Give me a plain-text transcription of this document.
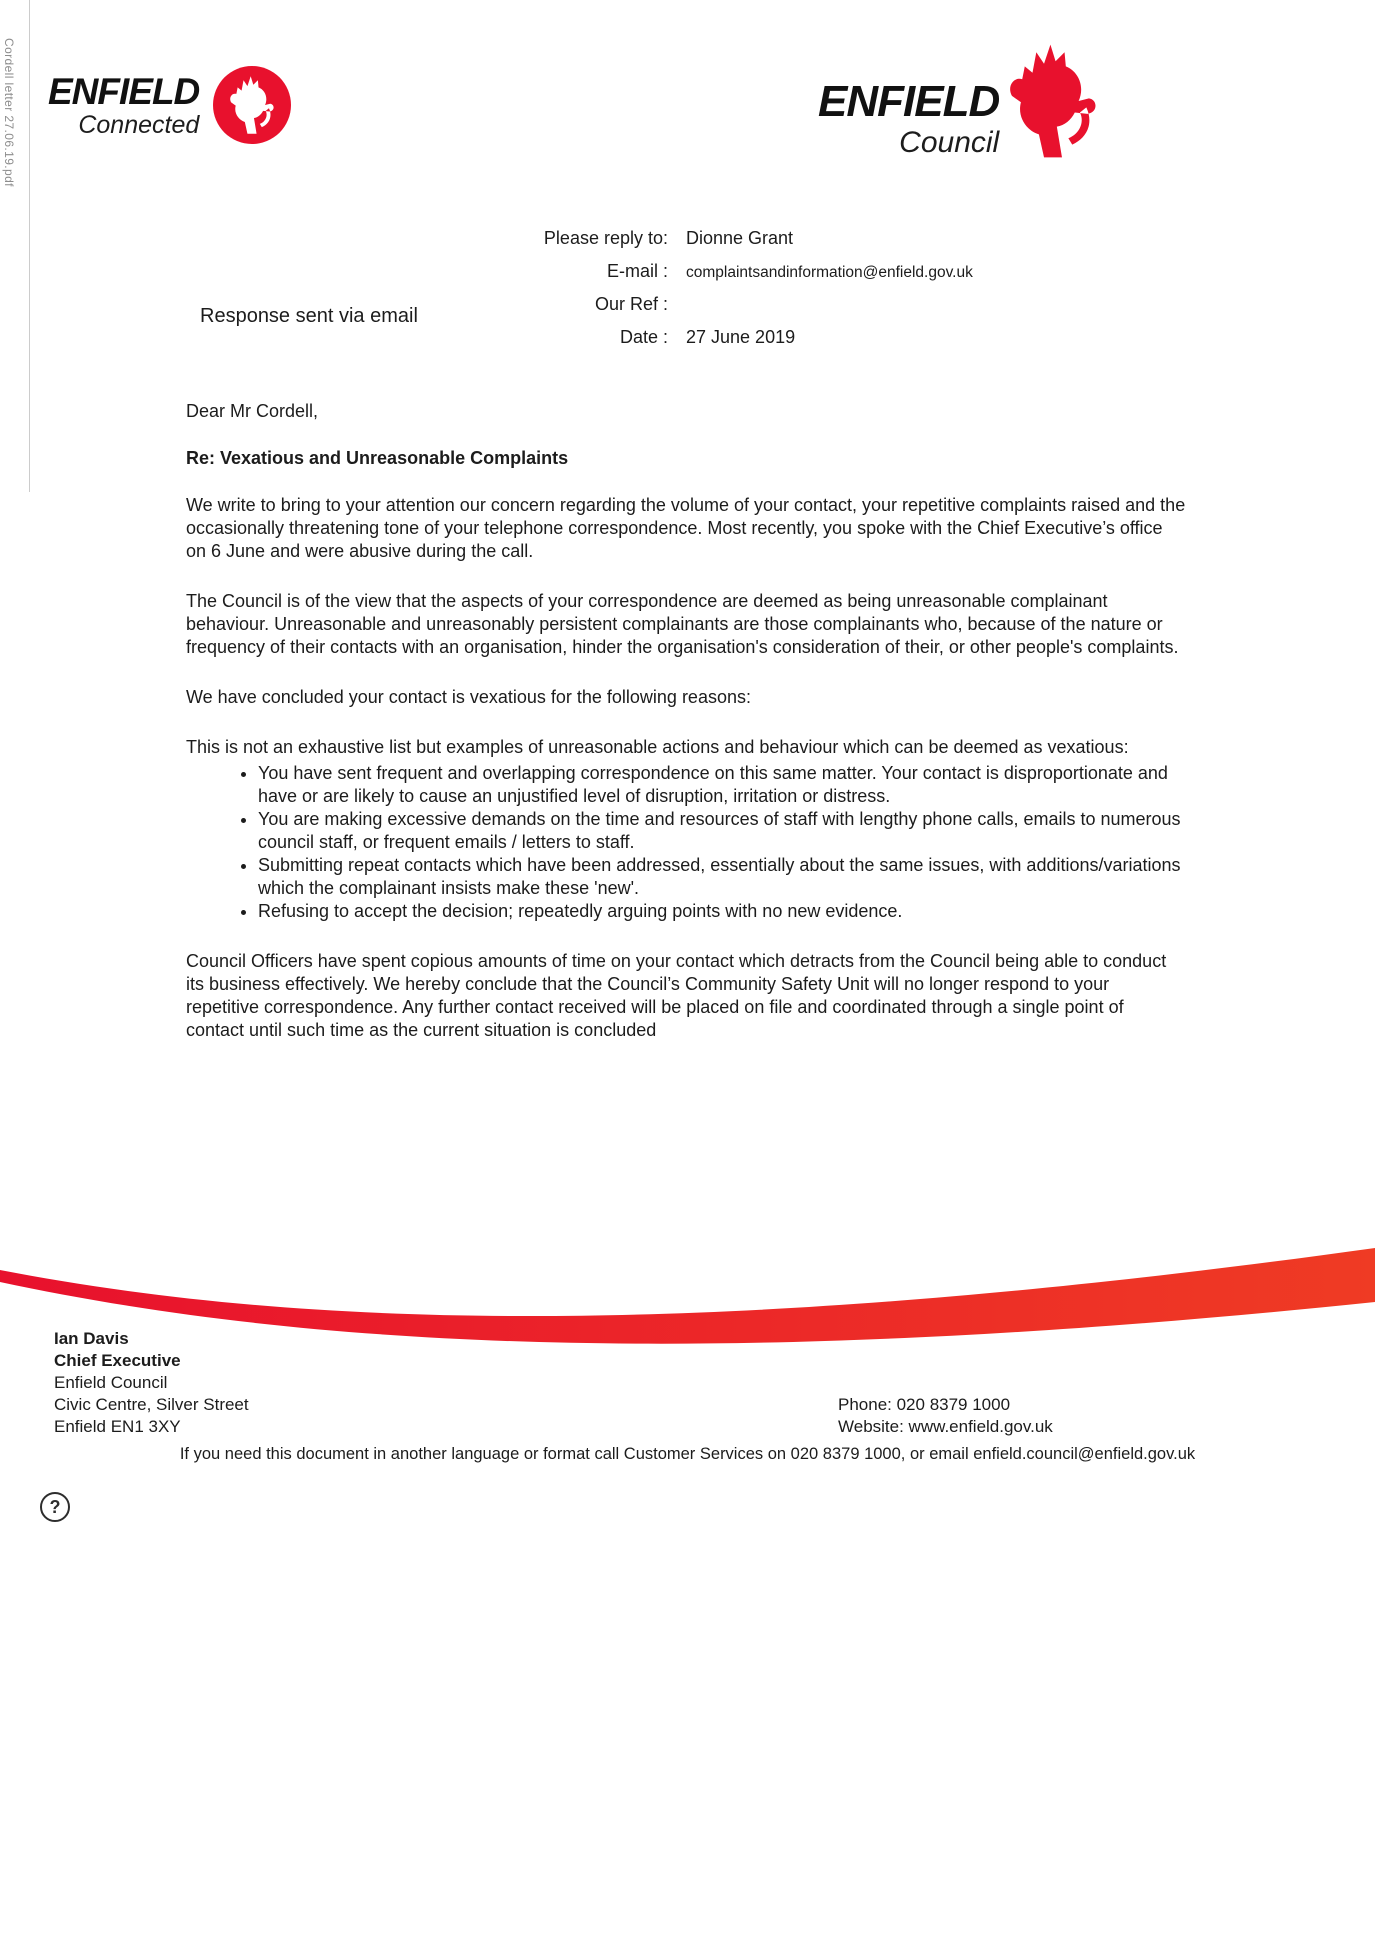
Cordell letter 27.06.19.pdf ENFIELD
Connected	ENFIELD
Council
Please reply to: Dionne Grant
E-mail : complaintsandinformation@enfield.gov.uk
Our Ref :
Date : 27 June 2019
Response sent via email

Dear Mr Cordell,

Re: Vexatious and Unreasonable Complaints

We write to bring to your attention our concern regarding the volume of your contact, your repetitive complaints raised and the occasionally threatening tone of your telephone correspondence. Most recently, you spoke with the Chief Executive’s office on 6 June and were abusive during the call.

The Council is of the view that the aspects of your correspondence are deemed as being unreasonable complainant behaviour. Unreasonable and unreasonably persistent complainants are those complainants who, because of the nature or frequency of their contacts with an organisation, hinder the organisation's consideration of their, or other people's complaints.

We have concluded your contact is vexatious for the following reasons:

This is not an exhaustive list but examples of unreasonable actions and behaviour which can be deemed as vexatious:

• You have sent frequent and overlapping correspondence on this same matter. Your contact is disproportionate and have or are likely to cause an unjustified level of disruption, irritation or distress.
• You are making excessive demands on the time and resources of staff with lengthy phone calls, emails to numerous council staff, or frequent emails / letters to staff.
• Submitting repeat contacts which have been addressed, essentially about the same issues, with additions/variations which the complainant insists make these 'new'.
• Refusing to accept the decision; repeatedly arguing points with no new evidence.

Council Officers have spent copious amounts of time on your contact which detracts from the Council being able to conduct its business effectively. We hereby conclude that the Council’s Community Safety Unit will no longer respond to your repetitive correspondence. Any further contact received will be placed on file and coordinated through a single point of contact until such time as the current situation is concluded

Ian Davis
Chief Executive
Enfield Council
Civic Centre, Silver Street
Enfield EN1 3XY
Phone: 020 8379 1000
Website: www.enfield.gov.uk
If you need this document in another language or format call Customer Services on 020 8379 1000, or email enfield.council@enfield.gov.uk
?
